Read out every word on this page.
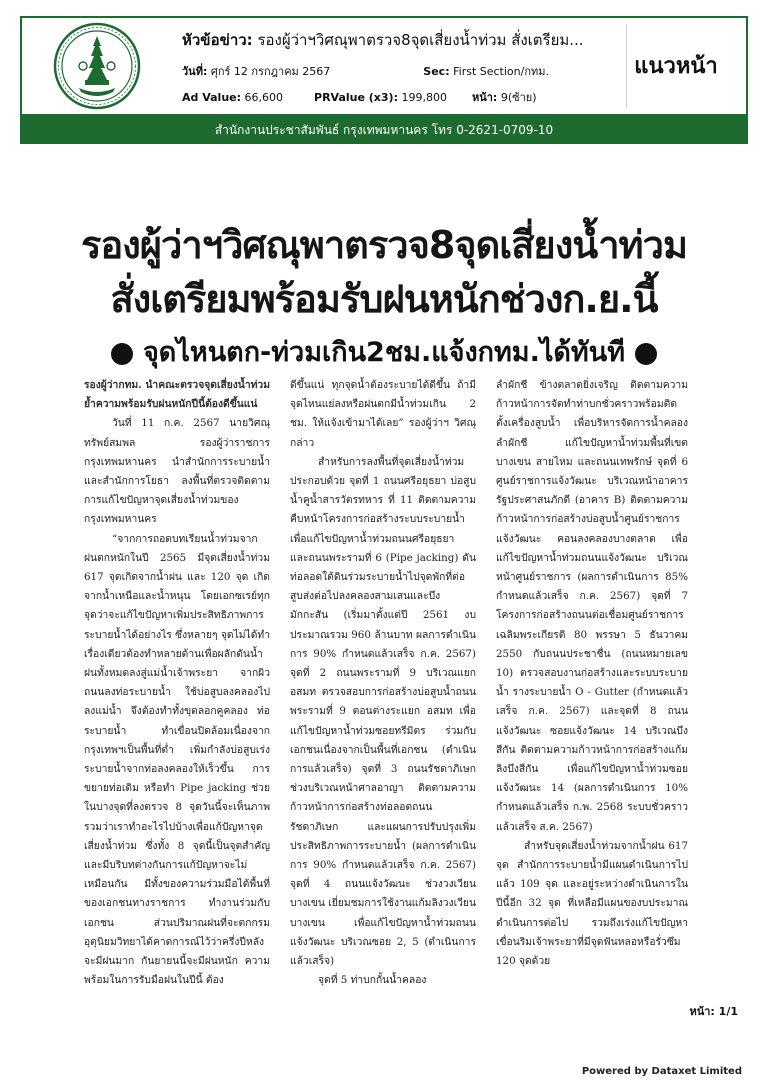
หัวข้อข่าว: รองผู้ว่าฯวิศณุพาตรวจ8จุดเสี่ยงน้ำท่วม สั่งเตรียม...
วันที่: ศุกร์ 12 กรกฎาคม 2567	Sec: First Section/กทม.
Ad Value: 66,600	PRValue (x3): 199,800 หน้า: 9(ซ้าย)
แนวหน้า
สำนักงานประชาสัมพันธ์ กรุงเทพมหานคร โทร 0-2621-0709-10
รองผู้ว่าฯวิศณุพาตรวจ8จุดเสี่ยงน้ำท่วม
สั่งเตรียมพร้อมรับฝนหนักช่วงก.ย.นี้
จุดไหนตก-ท่วมเกิน2ชม.แจ้งกทม.ได้ทันที

รองผู้ว่ากทม. นำคณะตรวจจุดเสี่ยงน้ำท่วม ย้ำความพร้อมรับฝนหนักปีนี้ต้องดีขึ้นแน่

วันที่ 11 ก.ค. 2567 นายวิศณุ ทรัพย์สมพล รองผู้ว่าราชการกรุงเทพมหานคร นำสำนักการระบายน้ำและสำนักการโยธา ลงพื้นที่ตรวจติดตามการแก้ไขปัญหาจุดเสี่ยงน้ำท่วมของกรุงเทพมหานคร

“จากการถอดบทเรียนน้ำท่วมจากฝนตกหนักในปี 2565 มีจุดเสี่ยงน้ำท่วม 617 จุดเกิดจากน้ำฝน และ 120 จุด เกิดจากน้ำเหนือและน้ำหนุน โดยเอกซเรย์ทุกจุดว่าจะแก้ไขปัญหาเพิ่มประสิทธิภาพการระบายน้ำได้อย่างไร ซึ่งหลายๆ จุดไม่ได้ทำเรื่องเดียวต้องทำหลายด้านเพื่อผลักดันน้ำฝนทั้งหมดลงสู่แม่น้ำเจ้าพระยา จากผิวถนนลงท่อระบายน้ำ ใช้บ่อสูบลงคลองไปลงแม่น้ำ จึงต้องทำทั้งขุดลอกคูคลอง ท่อระบายน้ำ ทำเขื่อนปิดล้อมเนื่องจากกรุงเทพฯเป็นพื้นที่ต่ำ เพิ่มกำลังบ่อสูบเร่งระบายน้ำจากท่อลงคลองให้เร็วขึ้น การขยายท่อเดิม หรือทำ Pipe jacking ช่วยในบางจุดที่ลงตรวจ 8 จุดวันนี้จะเห็นภาพรวมว่าเราทำอะไรไปบ้างเพื่อแก้ปัญหาจุดเสี่ยงน้ำท่วม ซึ่งทั้ง 8 จุดนี้เป็นจุดสำคัญ และมีบริบทต่างกันการแก้ปัญหาจะไม่เหมือนกัน มีทั้งของความร่วมมือได้พื้นที่ของเอกชนทางราชการ ทำงานร่วมกับเอกชน ส่วนปริมาณฝนที่จะตกกรมอุตุนิยมวิทยาได้คาดการณ์ไว้ว่าครึ่งปีหลังจะมีฝนมาก กันยายนนี้จะมีฝนหนัก ความพร้อมในการรับมือฝนในปีนี้ ต้อง

ดีขึ้นแน่ ทุกจุดน้ำต้องระบายได้ดีขึ้น ถ้ามีจุดไหนแย่ลงหรือฝนตกมีน้ำท่วมเกิน 2 ชม. ให้แจ้งเข้ามาได้เลย” รองผู้ว่าฯ วิศณุ กล่าว

สำหรับการลงพื้นที่จุดเสี่ยงน้ำท่วม ประกอบด้วย จุดที่ 1 ถนนศรีอยุธยา บ่อสูบน้ำคูน้ำสารวัตรทหาร ที่ 11 ติดตามความคืบหน้าโครงการก่อสร้างระบบระบายน้ำเพื่อแก้ไขปัญหาน้ำท่วมถนนศรีอยุธยา และถนนพระรามที่ 6 (Pipe jacking) ดันท่อลอดใต้ดินร่วมระบายน้ำไปจุดพักที่ต่อสูบส่งต่อไปลงคลองสามเสนและบึงมักกะสัน (เริ่มมาตั้งแต่ปี 2561 งบประมาณรวม 960 ล้านบาท ผลการดำเนินการ 90% กำหนดแล้วเสร็จ ก.ค. 2567) จุดที่ 2 ถนนพระรามที่ 9 บริเวณแยก อสมท ตรวจสอบการก่อสร้างบ่อสูบน้ำถนนพระรามที่ 9 ตอนต่างระแยก อสมท เพื่อแก้ไขปัญหาน้ำท่วมซอยทรีมิตร ร่วมกับเอกชนเนื่องจากเป็นพื้นที่เอกชน (ดำเนินการแล้วเสร็จ) จุดที่ 3 ถนนรัชดาภิเษก ช่วงบริเวณหน้าศาลอาญา ติดตามความก้าวหน้าการก่อสร้างท่อลอดถนนรัชดาภิเษก และแผนการปรับปรุงเพิ่มประสิทธิภาพการระบายน้ำ (ผลการดำเนินการ 90% กำหนดแล้วเสร็จ ก.ค. 2567) จุดที่ 4 ถนนแจ้งวัฒนะ ช่วงวงเวียนบางเขน เยี่ยมชมการใช้งานแก้มลิงวงเวียนบางเขน เพื่อแก้ไขปัญหาน้ำท่วมถนนแจ้งวัฒนะ บริเวณซอย 2, 5 (ดำเนินการแล้วเสร็จ)

จุดที่ 5 ท่าบกกั้นน้ำคลอง

ลำผักชี ข้างตลาดยิ่งเจริญ ติดตามความก้าวหน้าการจัดทำท่าบกชั่วคราวพร้อมติดตั้งเครื่องสูบน้ำ เพื่อบริหารจัดการน้ำคลองลำผักชี แก้ไขปัญหาน้ำท่วมพื้นที่เขตบางเขน สายไหม และถนนเทพรักษ์ จุดที่ 6 ศูนย์ราชการแจ้งวัฒนะ บริเวณหน้าอาคารรัฐประศาสนภักดี (อาคาร B) ติดตามความก้าวหน้าการก่อสร้างบ่อสูบน้ำศูนย์ราชการแจ้งวัฒนะ คอนลงคลองบางตลาด เพื่อแก้ไขปัญหาน้ำท่วมถนนแจ้งวัฒนะ บริเวณหน้าศูนย์ราชการ (ผลการดำเนินการ 85% กำหนดแล้วเสร็จ ก.ค. 2567) จุดที่ 7 โครงการก่อสร้างถนนต่อเชื่อมศูนย์ราชการเฉลิมพระเกียรติ 80 พรรษา 5 ธันวาคม 2550 กับถนนประชาชื่น (ถนนหมายเลข 10) ตรวจสอบงานก่อสร้างและระบบระบายน้ำ รางระบายน้ำ O - Gutter (กำหนดแล้วเสร็จ ก.ค. 2567) และจุดที่ 8 ถนนแจ้งวัฒนะ ซอยแจ้งวัฒนะ 14 บริเวณบึงสีกัน ติดตามความก้าวหน้าการก่อสร้างแก้มลิงบึงสีกัน เพื่อแก้ไขปัญหาน้ำท่วมซอยแจ้งวัฒนะ 14 (ผลการดำเนินการ 10% กำหนดแล้วเสร็จ ก.พ. 2568 ระบบชั่วคราวแล้วเสร็จ ส.ค. 2567)

สำหรับจุดเสี่ยงน้ำท่วมจากน้ำฝน 617 จุด สำนักการระบายน้ำมีแผนดำเนินการไปแล้ว 109 จุด และอยู่ระหว่างดำเนินการในปีนี้อีก 32 จุด ที่เหลือมีแผนของบประมาณดำเนินการต่อไป รวมถึงเร่งแก้ไขปัญหาเขื่อนริมเจ้าพระยาที่มีจุดฟันหลอหรือรั่วซึม 120 จุดด้วย

หน้า: 1/1
Powered by Dataxet Limited
